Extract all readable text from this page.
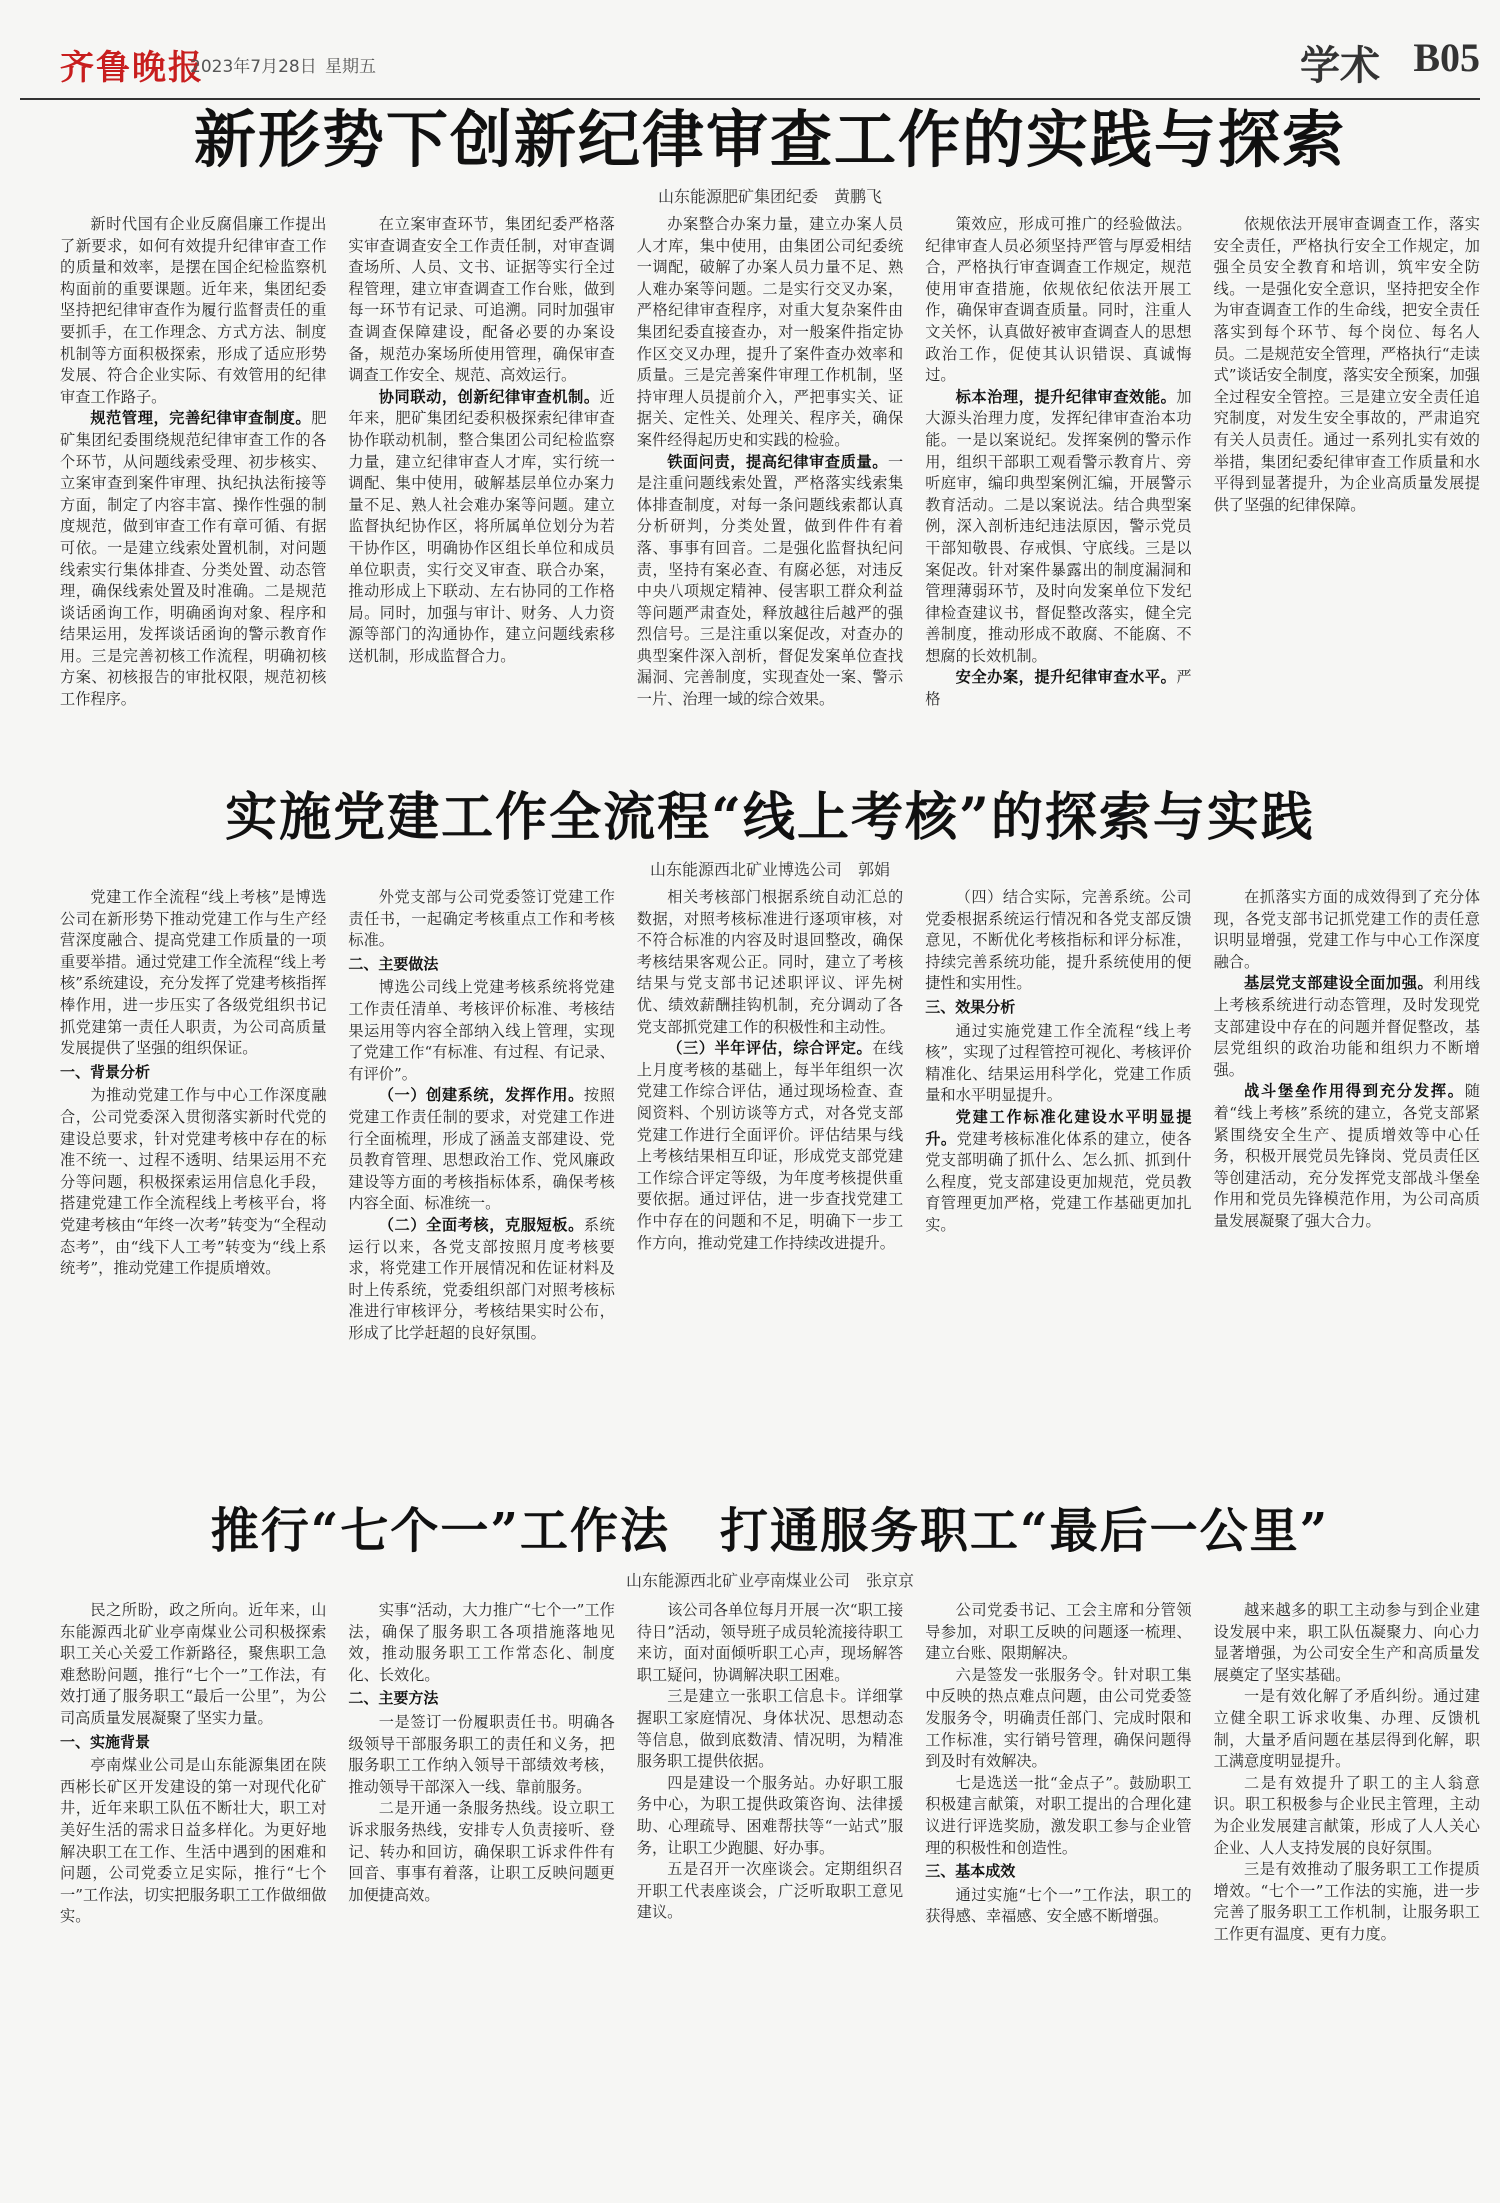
齐鲁晚报
2023年7月28日 星期五	学术 B05
新形势下创新纪律审查工作的实践与探索
山东能源肥矿集团纪委　黄鹏飞

新时代国有企业反腐倡廉工作提出了新要求，如何有效提升纪律审查工作的质量和效率，是摆在国企纪检监察机构面前的重要课题。近年来，集团纪委坚持把纪律审查作为履行监督责任的重要抓手，在工作理念、方式方法、制度机制等方面积极探索，形成了适应形势发展、符合企业实际、有效管用的纪律审查工作路子。

规范管理，完善纪律审查制度。肥矿集团纪委围绕规范纪律审查工作的各个环节，从问题线索受理、初步核实、立案审查到案件审理、执纪执法衔接等方面，制定了内容丰富、操作性强的制度规范，做到审查工作有章可循、有据可依。一是建立线索处置机制，对问题线索实行集体排查、分类处置、动态管理，确保线索处置及时准确。二是规范谈话函询工作，明确函询对象、程序和结果运用，发挥谈话函询的警示教育作用。三是完善初核工作流程，明确初核方案、初核报告的审批权限，规范初核工作程序。

在立案审查环节，集团纪委严格落实审查调查安全工作责任制，对审查调查场所、人员、文书、证据等实行全过程管理，建立审查调查工作台账，做到每一环节有记录、可追溯。同时加强审查调查保障建设，配备必要的办案设备，规范办案场所使用管理，确保审查调查工作安全、规范、高效运行。

协同联动，创新纪律审查机制。近年来，肥矿集团纪委积极探索纪律审查协作联动机制，整合集团公司纪检监察力量，建立纪律审查人才库，实行统一调配、集中使用，破解基层单位办案力量不足、熟人社会难办案等问题。建立监督执纪协作区，将所属单位划分为若干协作区，明确协作区组长单位和成员单位职责，实行交叉审查、联合办案，推动形成上下联动、左右协同的工作格局。同时，加强与审计、财务、人力资源等部门的沟通协作，建立问题线索移送机制，形成监督合力。

办案整合办案力量，建立办案人员人才库，集中使用，由集团公司纪委统一调配，破解了办案人员力量不足、熟人难办案等问题。二是实行交叉办案，严格纪律审查程序，对重大复杂案件由集团纪委直接查办，对一般案件指定协作区交叉办理，提升了案件查办效率和质量。三是完善案件审理工作机制，坚持审理人员提前介入，严把事实关、证据关、定性关、处理关、程序关，确保案件经得起历史和实践的检验。

铁面问责，提高纪律审查质量。一是注重问题线索处置，严格落实线索集体排查制度，对每一条问题线索都认真分析研判，分类处置，做到件件有着落、事事有回音。二是强化监督执纪问责，坚持有案必查、有腐必惩，对违反中央八项规定精神、侵害职工群众利益等问题严肃查处，释放越往后越严的强烈信号。三是注重以案促改，对查办的典型案件深入剖析，督促发案单位查找漏洞、完善制度，实现查处一案、警示一片、治理一域的综合效果。

策效应，形成可推广的经验做法。纪律审查人员必须坚持严管与厚爱相结合，严格执行审查调查工作规定，规范使用审查措施，依规依纪依法开展工作，确保审查调查质量。同时，注重人文关怀，认真做好被审查调查人的思想政治工作，促使其认识错误、真诚悔过。

标本治理，提升纪律审查效能。加大源头治理力度，发挥纪律审查治本功能。一是以案说纪。发挥案例的警示作用，组织干部职工观看警示教育片、旁听庭审，编印典型案例汇编，开展警示教育活动。二是以案说法。结合典型案例，深入剖析违纪违法原因，警示党员干部知敬畏、存戒惧、守底线。三是以案促改。针对案件暴露出的制度漏洞和管理薄弱环节，及时向发案单位下发纪律检查建议书，督促整改落实，健全完善制度，推动形成不敢腐、不能腐、不想腐的长效机制。

安全办案，提升纪律审查水平。严格

依规依法开展审查调查工作，落实安全责任，严格执行安全工作规定，加强全员安全教育和培训，筑牢安全防线。一是强化安全意识，坚持把安全作为审查调查工作的生命线，把安全责任落实到每个环节、每个岗位、每名人员。二是规范安全管理，严格执行“走读式”谈话安全制度，落实安全预案，加强全过程安全管控。三是建立安全责任追究制度，对发生安全事故的，严肃追究有关人员责任。通过一系列扎实有效的举措，集团纪委纪律审查工作质量和水平得到显著提升，为企业高质量发展提供了坚强的纪律保障。

实施党建工作全流程“线上考核”的探索与实践
山东能源西北矿业博选公司　郭娟

党建工作全流程“线上考核”是博选公司在新形势下推动党建工作与生产经营深度融合、提高党建工作质量的一项重要举措。通过党建工作全流程“线上考核”系统建设，充分发挥了党建考核指挥棒作用，进一步压实了各级党组织书记抓党建第一责任人职责，为公司高质量发展提供了坚强的组织保证。

一、背景分析

为推动党建工作与中心工作深度融合，公司党委深入贯彻落实新时代党的建设总要求，针对党建考核中存在的标准不统一、过程不透明、结果运用不充分等问题，积极探索运用信息化手段，搭建党建工作全流程线上考核平台，将党建考核由“年终一次考”转变为“全程动态考”，由“线下人工考”转变为“线上系统考”，推动党建工作提质增效。

外党支部与公司党委签订党建工作责任书，一起确定考核重点工作和考核标准。

二、主要做法

博选公司线上党建考核系统将党建工作责任清单、考核评价标准、考核结果运用等内容全部纳入线上管理，实现了党建工作“有标准、有过程、有记录、有评价”。

（一）创建系统，发挥作用。按照党建工作责任制的要求，对党建工作进行全面梳理，形成了涵盖支部建设、党员教育管理、思想政治工作、党风廉政建设等方面的考核指标体系，确保考核内容全面、标准统一。

（二）全面考核，克服短板。系统运行以来，各党支部按照月度考核要求，将党建工作开展情况和佐证材料及时上传系统，党委组织部门对照考核标准进行审核评分，考核结果实时公布，形成了比学赶超的良好氛围。

相关考核部门根据系统自动汇总的数据，对照考核标准进行逐项审核，对不符合标准的内容及时退回整改，确保考核结果客观公正。同时，建立了考核结果与党支部书记述职评议、评先树优、绩效薪酬挂钩机制，充分调动了各党支部抓党建工作的积极性和主动性。

（三）半年评估，综合评定。在线上月度考核的基础上，每半年组织一次党建工作综合评估，通过现场检查、查阅资料、个别访谈等方式，对各党支部党建工作进行全面评价。评估结果与线上考核结果相互印证，形成党支部党建工作综合评定等级，为年度考核提供重要依据。通过评估，进一步查找党建工作中存在的问题和不足，明确下一步工作方向，推动党建工作持续改进提升。

（四）结合实际，完善系统。公司党委根据系统运行情况和各党支部反馈意见，不断优化考核指标和评分标准，持续完善系统功能，提升系统使用的便捷性和实用性。

三、效果分析

通过实施党建工作全流程“线上考核”，实现了过程管控可视化、考核评价精准化、结果运用科学化，党建工作质量和水平明显提升。

党建工作标准化建设水平明显提升。党建考核标准化体系的建立，使各党支部明确了抓什么、怎么抓、抓到什么程度，党支部建设更加规范，党员教育管理更加严格，党建工作基础更加扎实。

在抓落实方面的成效得到了充分体现，各党支部书记抓党建工作的责任意识明显增强，党建工作与中心工作深度融合。

基层党支部建设全面加强。利用线上考核系统进行动态管理，及时发现党支部建设中存在的问题并督促整改，基层党组织的政治功能和组织力不断增强。

战斗堡垒作用得到充分发挥。随着“线上考核”系统的建立，各党支部紧紧围绕安全生产、提质增效等中心任务，积极开展党员先锋岗、党员责任区等创建活动，充分发挥党支部战斗堡垒作用和党员先锋模范作用，为公司高质量发展凝聚了强大合力。

推行“七个一”工作法　打通服务职工“最后一公里”
山东能源西北矿业亭南煤业公司　张京京

民之所盼，政之所向。近年来，山东能源西北矿业亭南煤业公司积极探索职工关心关爱工作新路径，聚焦职工急难愁盼问题，推行“七个一”工作法，有效打通了服务职工“最后一公里”，为公司高质量发展凝聚了坚实力量。

一、实施背景

亭南煤业公司是山东能源集团在陕西彬长矿区开发建设的第一对现代化矿井，近年来职工队伍不断壮大，职工对美好生活的需求日益多样化。为更好地解决职工在工作、生活中遇到的困难和问题，公司党委立足实际，推行“七个一”工作法，切实把服务职工工作做细做实。

实事“活动，大力推广“七个一”工作法，确保了服务职工各项措施落地见效，推动服务职工工作常态化、制度化、长效化。

二、主要方法

一是签订一份履职责任书。明确各级领导干部服务职工的责任和义务，把服务职工工作纳入领导干部绩效考核，推动领导干部深入一线、靠前服务。

二是开通一条服务热线。设立职工诉求服务热线，安排专人负责接听、登记、转办和回访，确保职工诉求件件有回音、事事有着落，让职工反映问题更加便捷高效。

该公司各单位每月开展一次“职工接待日”活动，领导班子成员轮流接待职工来访，面对面倾听职工心声，现场解答职工疑问，协调解决职工困难。

三是建立一张职工信息卡。详细掌握职工家庭情况、身体状况、思想动态等信息，做到底数清、情况明，为精准服务职工提供依据。

四是建设一个服务站。办好职工服务中心，为职工提供政策咨询、法律援助、心理疏导、困难帮扶等“一站式”服务，让职工少跑腿、好办事。

五是召开一次座谈会。定期组织召开职工代表座谈会，广泛听取职工意见建议。

公司党委书记、工会主席和分管领导参加，对职工反映的问题逐一梳理、建立台账、限期解决。

六是签发一张服务令。针对职工集中反映的热点难点问题，由公司党委签发服务令，明确责任部门、完成时限和工作标准，实行销号管理，确保问题得到及时有效解决。

七是选送一批“金点子”。鼓励职工积极建言献策，对职工提出的合理化建议进行评选奖励，激发职工参与企业管理的积极性和创造性。

三、基本成效

通过实施“七个一”工作法，职工的获得感、幸福感、安全感不断增强。

越来越多的职工主动参与到企业建设发展中来，职工队伍凝聚力、向心力显著增强，为公司安全生产和高质量发展奠定了坚实基础。

一是有效化解了矛盾纠纷。通过建立健全职工诉求收集、办理、反馈机制，大量矛盾问题在基层得到化解，职工满意度明显提升。

二是有效提升了职工的主人翁意识。职工积极参与企业民主管理，主动为企业发展建言献策，形成了人人关心企业、人人支持发展的良好氛围。

三是有效推动了服务职工工作提质增效。“七个一”工作法的实施，进一步完善了服务职工工作机制，让服务职工工作更有温度、更有力度。
